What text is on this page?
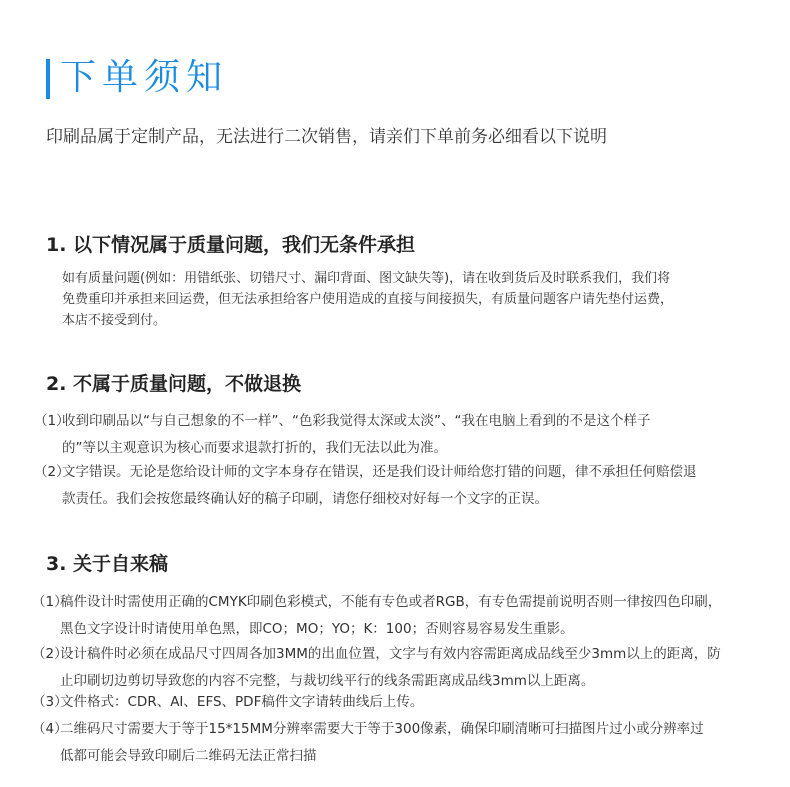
下单须知
印刷品属于定制产品，无法进行二次销售，请亲们下单前务必细看以下说明
1. 以下情况属于质量问题，我们无条件承担
如有质量问题(例如：用错纸张、切错尺寸、漏印背面、图文缺失等)，请在收到货后及时联系我们，我们将
免费重印并承担来回运费，但无法承担给客户使用造成的直接与间接损失，有质量问题客户请先垫付运费，
本店不接受到付。
2. 不属于质量问题，不做退换
（1）
收到印刷品以“与自己想象的不一样”、“色彩我觉得太深或太淡”、“我在电脑上看到的不是这个样子
的”等以主观意识为核心而要求退款打折的，我们无法以此为准。
（2）
文字错误。无论是您给设计师的文字本身存在错误，还是我们设计师给您打错的问题，律不承担任何赔偿退
款责任。我们会按您最终确认好的稿子印刷，请您仔细校对好每一个文字的正误。
3. 关于自来稿
（1）
稿件设计时需使用正确的CMYK印刷色彩模式，不能有专色或者RGB，有专色需提前说明否则一律按四色印刷，
黑色文字设计时请使用单色黑，即CO；MO；YO；K：100；否则容易容易发生重影。
（2）
设计稿件时必须在成品尺寸四周各加3MM的出血位置，文字与有效内容需距离成品线至少3mm以上的距离，防
止印刷切边剪切导致您的内容不完整，与裁切线平行的线条需距离成品线3mm以上距离。
（3）
文件格式：CDR、AI、EFS、PDF稿件文字请转曲线后上传。
（4）
二维码尺寸需要大于等于15*15MM分辨率需要大于等于300像素，确保印刷清晰可扫描图片过小或分辨率过
低都可能会导致印刷后二维码无法正常扫描
